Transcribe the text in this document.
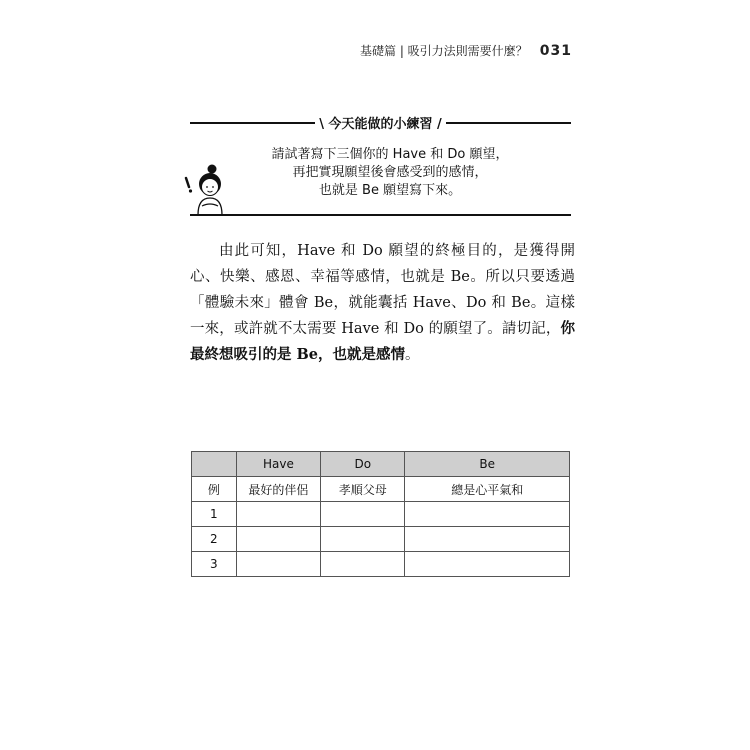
基礎篇 | 吸引力法則需要什麼？ 031
\ 今天能做的小練習 /
請試著寫下三個你的 Have 和 Do 願望，
再把實現願望後會感受到的感情，
也就是 Be 願望寫下來。

由此可知，Have 和 Do 願望的終極目的，是獲得開心、快樂、感恩、幸福等感情，也就是 Be。所以只要透過「體驗未來」體會 Be，就能囊括 Have、Do 和 Be。這樣一來，或許就不太需要 Have 和 Do 的願望了。請切記，你最終想吸引的是 Be，也就是感情。

	Have	Do	Be
例	最好的伴侶	孝順父母	總是心平氣和
1			
2			
3			
